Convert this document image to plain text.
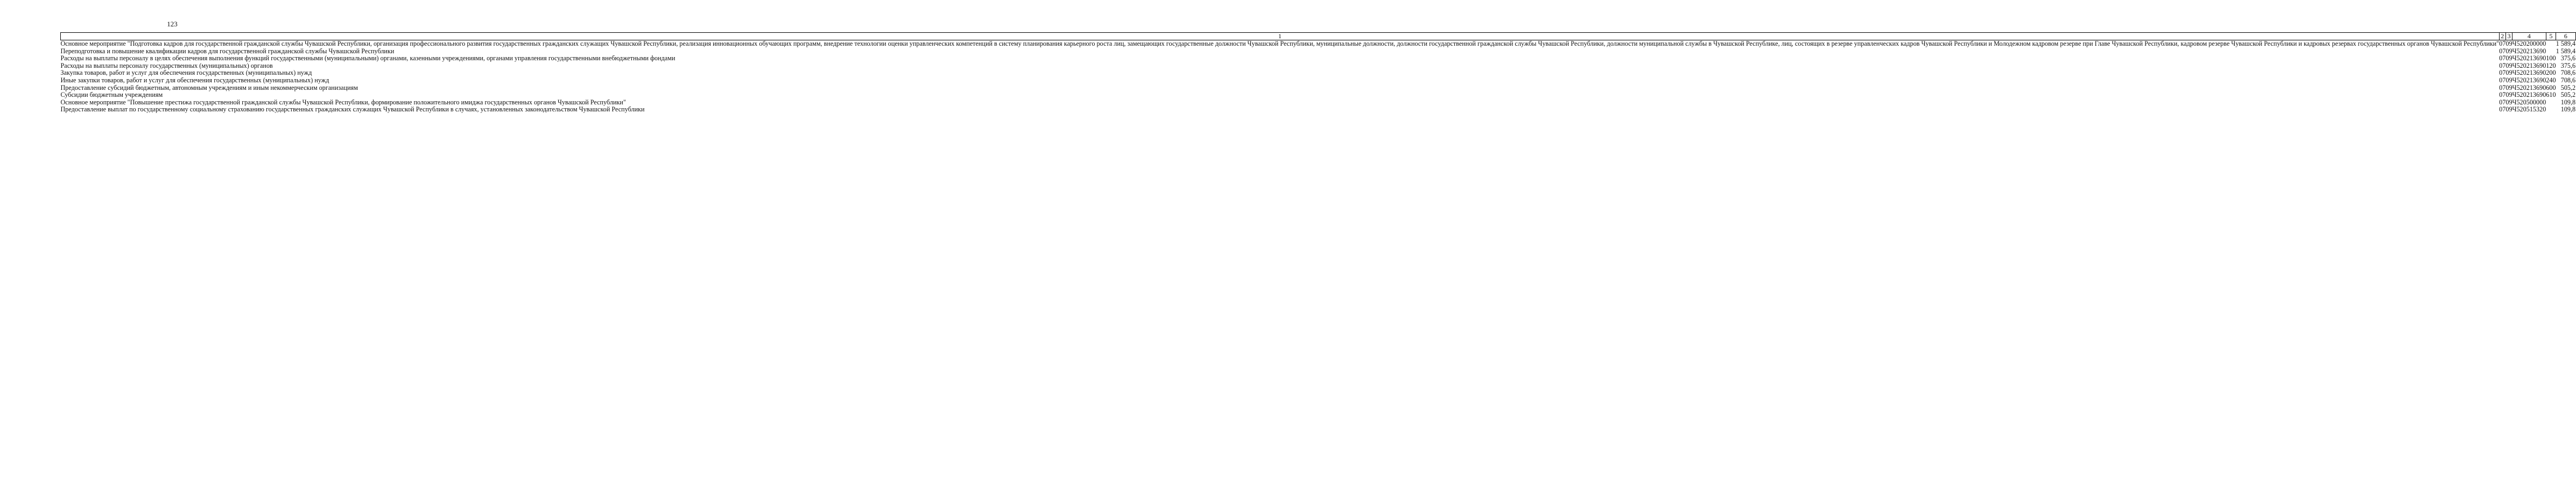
123
1	2	3	4	5	6
Основное мероприятие "Подготовка кадров для государственной гражданской службы Чувашской Республики, организация профессионального развития государственных гражданских служащих Чувашской Республики, реализация инновационных обучающих программ, внедрение технологии оценки управленческих компетенций в систему планирования карьерного роста лиц, замещающих государственные должности Чувашской Республики, муниципальные должности, должности государственной гражданской службы Чувашской Республики, должности муниципальной службы в Чувашской Республике, лиц, состоящих в резерве управленческих кадров Чувашской Республики и Молодежном кадровом резерве при Главе Чувашской Республики, кадровом резерве Чувашской Республики и кадровых резервах государственных органов Чувашской Республики"	07	09	Ч520200000		1 589,4
Переподготовка и повышение квалификации кадров для государственной гражданской службы Чувашской Республики	07	09	Ч520213690		1 589,4
Расходы на выплаты персоналу в целях обеспечения выполнения функций государственными (муниципальными) органами, казенными учреждениями, органами управления государственными внебюджетными фондами	07	09	Ч520213690	100	375,6
Расходы на выплаты персоналу государственных (муниципальных) органов	07	09	Ч520213690	120	375,6
Закупка товаров, работ и услуг для обеспечения государственных (муниципальных) нужд	07	09	Ч520213690	200	708,6
Иные закупки товаров, работ и услуг для обеспечения государственных (муниципальных) нужд	07	09	Ч520213690	240	708,6
Предоставление субсидий бюджетным, автономным учреждениям и иным некоммерческим организациям	07	09	Ч520213690	600	505,2
Субсидии бюджетным учреждениям	07	09	Ч520213690	610	505,2
Основное мероприятие "Повышение престижа государственной гражданской службы Чувашской Республики, формирование положительного имиджа государственных органов Чувашской Республики"	07	09	Ч520500000		109,8
Предоставление выплат по государственному социальному страхованию государственных гражданских служащих Чувашской Республики в случаях, установленных законодательством Чувашской Республики	07	09	Ч520515320		109,8
